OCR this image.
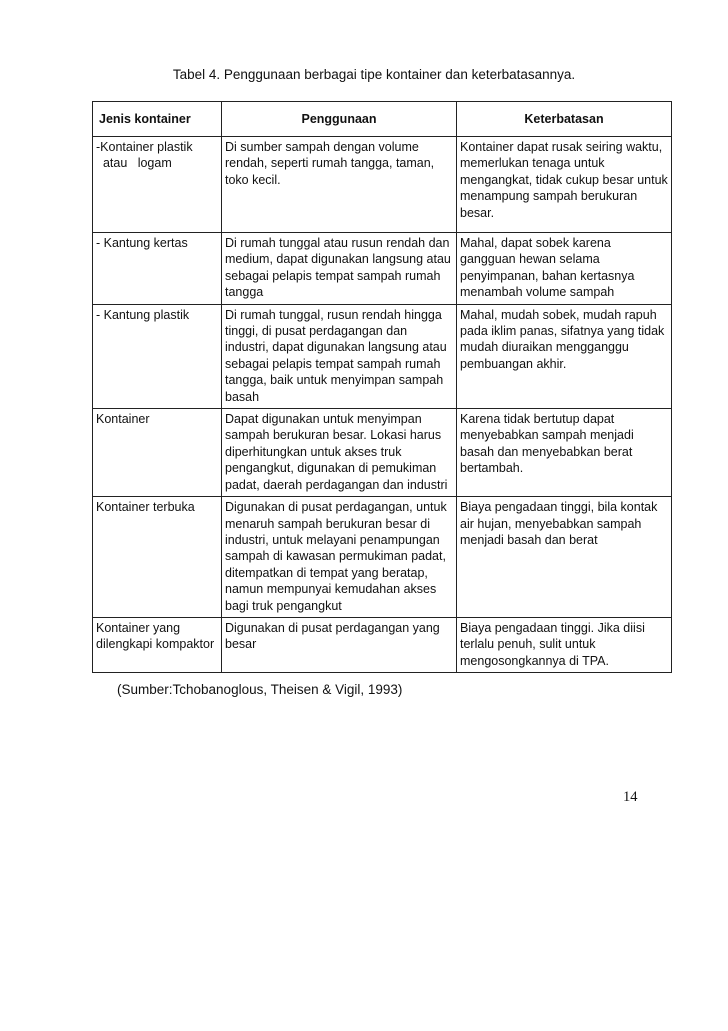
Tabel 4. Penggunaan berbagai tipe kontainer dan keterbatasannya.
Jenis kontainer	Penggunaan	Keterbatasan
-Kontainer plastik
atau   logam	Di sumber sampah dengan volume rendah, seperti rumah tangga, taman, toko kecil.	Kontainer dapat rusak seiring waktu, memerlukan tenaga untuk mengangkat, tidak cukup besar untuk menampung sampah berukuran besar.
- Kantung kertas	Di rumah tunggal atau rusun rendah dan medium, dapat digunakan langsung atau sebagai pelapis tempat sampah rumah tangga	Mahal, dapat sobek karena gangguan hewan selama penyimpanan, bahan kertasnya menambah volume sampah
- Kantung plastik	Di rumah tunggal, rusun rendah hingga tinggi, di pusat perdagangan dan industri, dapat digunakan langsung atau sebagai pelapis tempat sampah rumah tangga, baik untuk menyimpan sampah basah	Mahal, mudah sobek, mudah rapuh pada iklim panas, sifatnya yang tidak mudah diuraikan mengganggu pembuangan akhir.
Kontainer	Dapat digunakan untuk menyimpan sampah berukuran besar. Lokasi harus diperhitungkan untuk akses truk pengangkut, digunakan di pemukiman padat, daerah perdagangan dan industri	Karena tidak bertutup dapat menyebabkan sampah menjadi basah dan menyebabkan berat bertambah.
Kontainer terbuka	Digunakan di pusat perdagangan, untuk menaruh sampah berukuran besar di industri, untuk melayani penampungan sampah di kawasan permukiman padat, ditempatkan di tempat yang beratap, namun mempunyai kemudahan akses bagi truk pengangkut	Biaya pengadaan tinggi, bila kontak air hujan, menyebabkan sampah menjadi basah dan berat
Kontainer yang dilengkapi kompaktor	Digunakan di pusat perdagangan yang besar	Biaya pengadaan tinggi. Jika diisi terlalu penuh, sulit untuk mengosongkannya di TPA.
(Sumber:Tchobanoglous, Theisen & Vigil, 1993)
14
